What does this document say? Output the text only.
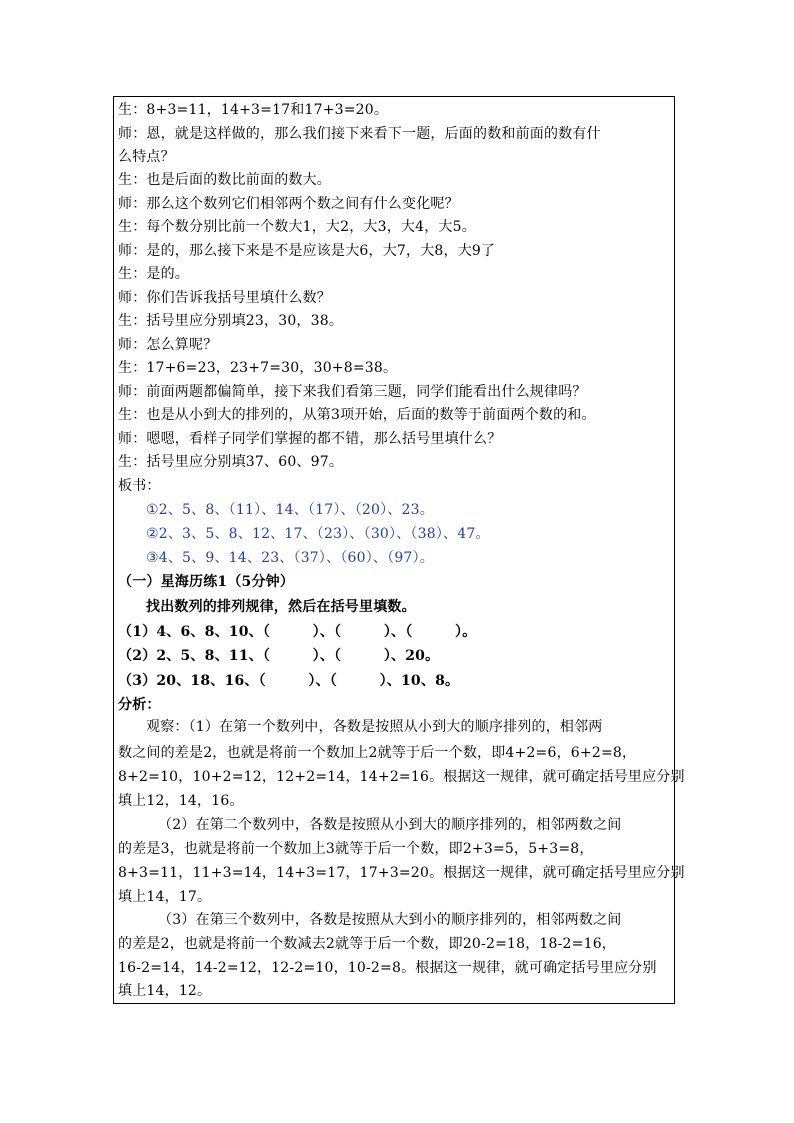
生：8+3=11，14+3=17和17+3=20。
师：恩，就是这样做的，那么我们接下来看下一题，后面的数和前面的数有什
么特点？
生：也是后面的数比前面的数大。
师：那么这个数列它们相邻两个数之间有什么变化呢？
生：每个数分别比前一个数大1，大2，大3，大4，大5。
师：是的，那么接下来是不是应该是大6，大7，大8，大9了
生：是的。
师：你们告诉我括号里填什么数？
生：括号里应分别填23，30，38。
师：怎么算呢？
生：17+6=23，23+7=30，30+8=38。
师：前面两题都偏简单，接下来我们看第三题，同学们能看出什么规律吗？
生：也是从小到大的排列的，从第3项开始，后面的数等于前面两个数的和。
师：嗯嗯，看样子同学们掌握的都不错，那么括号里填什么？
生：括号里应分别填37、60、97。
板书：
①2、5、8、（11）、14、（17）、（20）、23。
②2、3、5、8、12、17、（23）、（30）、（38）、47。
③4、5、9、14、23、（37）、（60）、（97）。
（一）星海历练1（5分钟）
找出数列的排列规律，然后在括号里填数。
（1）4、6、8、10、（　　　）、（　　　）、（　　　）。
（2）2、5、8、11、（　　　）、（　　　）、20。
（3）20、18、16、（　　　）、（　　　）、10、8。
分析：
观察：（1）在第一个数列中，各数是按照从小到大的顺序排列的，相邻两
数之间的差是2，也就是将前一个数加上2就等于后一个数，即4+2=6，6+2=8，
8+2=10，10+2=12，12+2=14，14+2=16。根据这一规律，就可确定括号里应分别
填上12，14，16。
（2）在第二个数列中，各数是按照从小到大的顺序排列的，相邻两数之间
的差是3，也就是将前一个数加上3就等于后一个数，即2+3=5，5+3=8，
8+3=11，11+3=14，14+3=17，17+3=20。根据这一规律，就可确定括号里应分别
填上14，17。
（3）在第三个数列中，各数是按照从大到小的顺序排列的，相邻两数之间
的差是2，也就是将前一个数减去2就等于后一个数，即20-2=18，18-2=16，
16-2=14，14-2=12，12-2=10，10-2=8。根据这一规律，就可确定括号里应分别
填上14，12。
